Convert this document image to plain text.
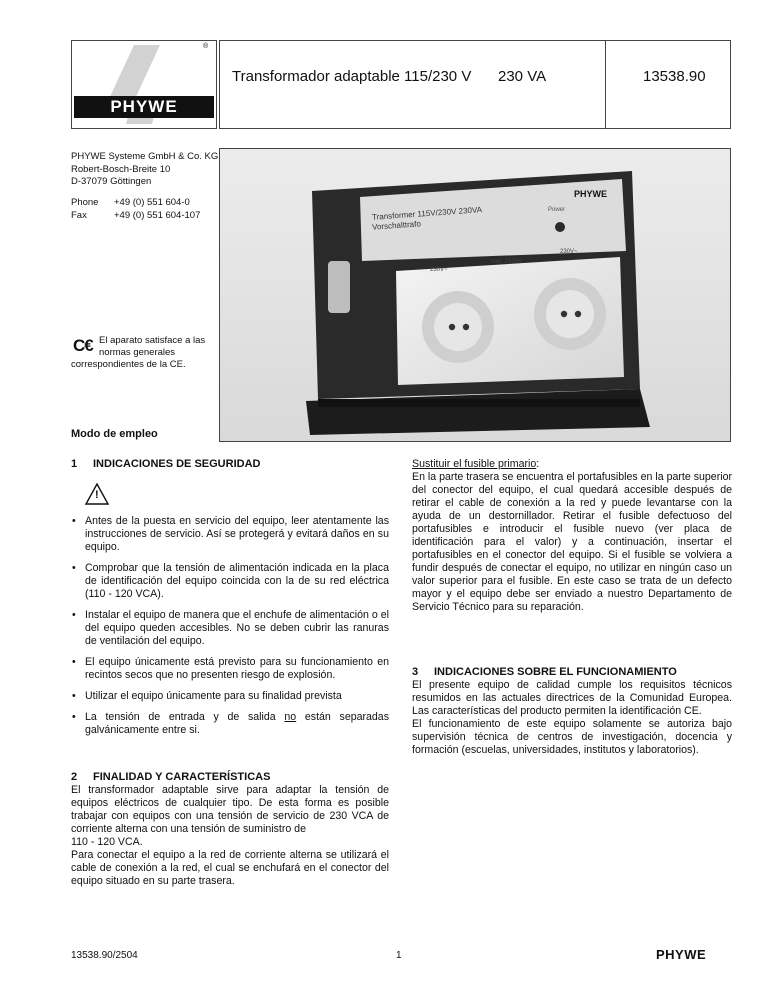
PHYWE
®
Transformador adaptable 115/230 V 230 VA	13538.90
PHYWE Systeme GmbH & Co. KG
Robert-Bosch-Breite 10
D-37079 Göttingen
Phone +49 (0) 551 604-0
Fax	+49 (0) 551 604-107
C€ El aparato satisface a las
normas generales
correspondientes de la CE.
PHYWE
Transformer 115V/230V 230VA
Vorschalttrafo
Power
230V~
max. 230VA
230V~
Modo de empleo
1 INDICACIONES DE SEGURIDAD
!
• Antes de la puesta en servicio del equipo, leer atentamente las instrucciones de servicio. Así se protegerá y evitará daños en su equipo.
• Comprobar que la tensión de alimentación indicada en la placa de identificación del equipo coincida con la de su red eléctrica (110 - 120 VCA).
• Instalar el equipo de manera que el enchufe de alimentación o el del equipo queden accesibles. No se deben cubrir las ranuras de ventilación del equipo.
• El equipo únicamente está previsto para su funcionamiento en recintos secos que no presenten riesgo de explosión.
• Utilizar el equipo únicamente para su finalidad prevista
• La tensión de entrada y de salida no están separadas galvánicamente entre si.
2 FINALIDAD Y CARACTERÍSTICAS
El transformador adaptable sirve para adaptar la tensión de equipos eléctricos de cualquier tipo. De esta forma es posible trabajar con equipos con una tensión de servicio de 230 VCA de corriente alterna con una tensión de suministro de
110 - 120 VCA.
Para conectar el equipo a la red de corriente alterna se utilizará el cable de conexión a la red, el cual se enchufará en el conector del equipo situado en su parte trasera.
Sustituir el fusible primario:
En la parte trasera se encuentra el portafusibles en la parte superior del conector del equipo, el cual quedará accesible después de retirar el cable de conexión a la red y puede levantarse con la ayuda de un destornillador. Retirar el fusible defectuoso del portafusibles e introducir el fusible nuevo (ver placa de identificación para el valor) y a continuación, insertar el portafusibles en el conector del equipo. Si el fusible se volviera a fundir después de conectar el equipo, no utilizar en ningún caso un valor superior para el fusible. En este caso se trata de un defecto mayor y el equipo debe ser enviado a nuestro Departamento de Servicio Técnico para su reparación.
3 INDICACIONES SOBRE EL FUNCIONAMIENTO
El presente equipo de calidad cumple los requisitos técnicos resumidos en las actuales directrices de la Comunidad Europea. Las características del producto permiten la identificación CE.
El funcionamiento de este equipo solamente se autoriza bajo supervisión técnica de centros de investigación, docencia y formación (escuelas, universidades, institutos y laboratorios).
13538.90/2504	1	PHYWE
